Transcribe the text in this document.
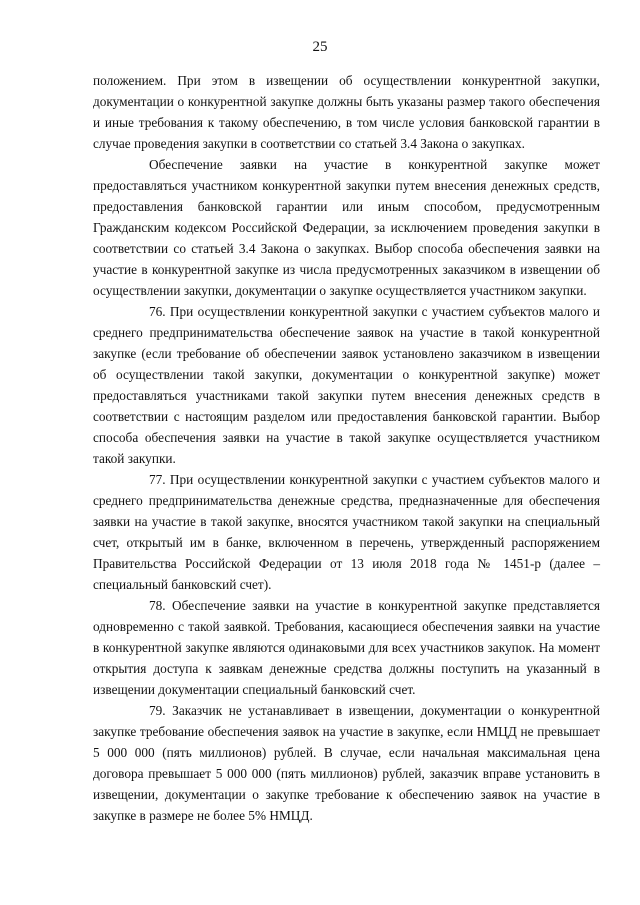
25

положением. При этом в извещении об осуществлении конкурентной закупки, документации о конкурентной закупке должны быть указаны размер такого обеспечения и иные требования к такому обеспечению, в том числе условия банковской гарантии в случае проведения закупки в соответствии со статьей 3.4 Закона о закупках.

Обеспечение заявки на участие в конкурентной закупке может предоставляться участником конкурентной закупки путем внесения денежных средств, предоставления банковской гарантии или иным способом, предусмотренным Гражданским кодексом Российской Федерации, за исключением проведения закупки в соответствии со статьей 3.4 Закона о закупках. Выбор способа обеспечения заявки на участие в конкурентной закупке из числа предусмотренных заказчиком в извещении об осуществлении закупки, документации о закупке осуществляется участником закупки.

76. При осуществлении конкурентной закупки с участием субъектов малого и среднего предпринимательства обеспечение заявок на участие в такой конкурентной закупке (если требование об обеспечении заявок установлено заказчиком в извещении об осуществлении такой закупки, документации о конкурентной закупке) может предоставляться участниками такой закупки путем внесения денежных средств в соответствии с настоящим разделом или предоставления банковской гарантии. Выбор способа обеспечения заявки на участие в такой закупке осуществляется участником такой закупки.

77. При осуществлении конкурентной закупки с участием субъектов малого и среднего предпринимательства денежные средства, предназначенные для обеспечения заявки на участие в такой закупке, вносятся участником такой закупки на специальный счет, открытый им в банке, включенном в перечень, утвержденный распоряжением Правительства Российской Федерации от 13 июля 2018 года № 1451-р (далее – специальный банковский счет).

78. Обеспечение заявки на участие в конкурентной закупке представляется одновременно с такой заявкой. Требования, касающиеся обеспечения заявки на участие в конкурентной закупке являются одинаковыми для всех участников закупок. На момент открытия доступа к заявкам денежные средства должны поступить на указанный в извещении документации специальный банковский счет.

79. Заказчик не устанавливает в извещении, документации о конкурентной закупке требование обеспечения заявок на участие в закупке, если НМЦД не превышает 5 000 000 (пять миллионов) рублей. В случае, если начальная максимальная цена договора превышает 5 000 000 (пять миллионов) рублей, заказчик вправе установить в извещении, документации о закупке требование к обеспечению заявок на участие в закупке в размере не более 5% НМЦД.
